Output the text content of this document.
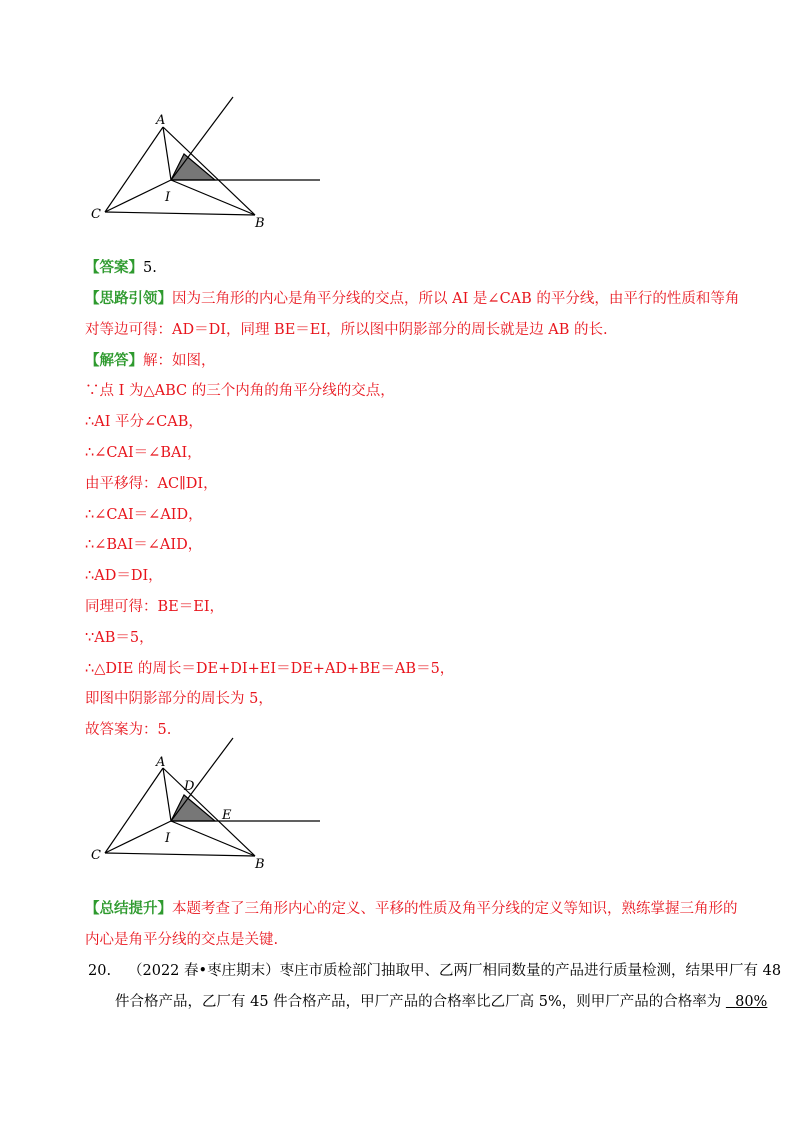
A
I
C
B
【答案】5.
【思路引领】因为三角形的内心是角平分线的交点，所以 AI 是∠CAB 的平分线，由平行的性质和等角
对等边可得：AD＝DI，同理 BE＝EI，所以图中阴影部分的周长就是边 AB 的长.
【解答】解：如图，
∵点 I 为△ABC 的三个内角的角平分线的交点，
∴AI 平分∠CAB，
∴∠CAI＝∠BAI，
由平移得：AC∥DI，
∴∠CAI＝∠AID，
∴∠BAI＝∠AID，
∴AD＝DI，
同理可得：BE＝EI，
∵AB＝5，
∴△DIE 的周长＝DE+DI+EI＝DE+AD+BE＝AB＝5，
即图中阴影部分的周长为 5，
故答案为：5.
A
D
I
E
C
B
【总结提升】本题考查了三角形内心的定义、平移的性质及角平分线的定义等知识，熟练掌握三角形的
内心是角平分线的交点是关键.
20. （2022 春•枣庄期末）枣庄市质检部门抽取甲、乙两厂相同数量的产品进行质量检测，结果甲厂有 48
件合格产品，乙厂有 45 件合格产品，甲厂产品的合格率比乙厂高 5%，则甲厂产品的合格率为 80%
